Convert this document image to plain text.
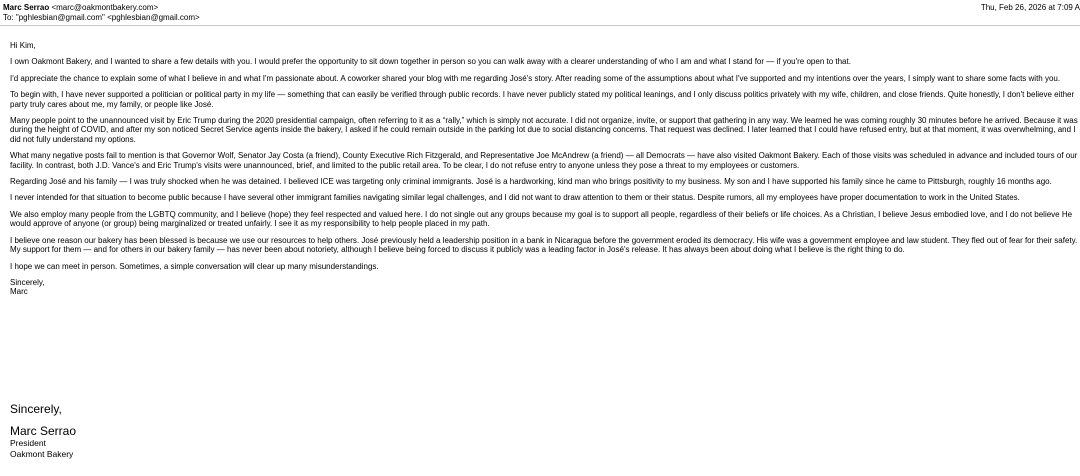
Marc Serrao <marc@oakmontbakery.com>
To: "pghlesbian@gmail.com" <pghlesbian@gmail.com>
Thu, Feb 26, 2026 at 7:09 A

Hi Kim,

I own Oakmont Bakery, and I wanted to share a few details with you. I would prefer the opportunity to sit down together in person so you can walk away with a clearer understanding of who I am and what I stand for — if you're open to that.

I'd appreciate the chance to explain some of what I believe in and what I'm passionate about. A coworker shared your blog with me regarding José's story. After reading some of the assumptions about what I've supported and my intentions over the years, I simply want to share some facts with you.

To begin with, I have never supported a politician or political party in my life — something that can easily be verified through public records. I have never publicly stated my political leanings, and I only discuss politics privately with my wife, children, and close friends. Quite honestly, I don't believe either party truly cares about me, my family, or people like José.

Many people point to the unannounced visit by Eric Trump during the 2020 presidential campaign, often referring to it as a “rally,” which is simply not accurate. I did not organize, invite, or support that gathering in any way. We learned he was coming roughly 30 minutes before he arrived. Because it was during the height of COVID, and after my son noticed Secret Service agents inside the bakery, I asked if he could remain outside in the parking lot due to social distancing concerns. That request was declined. I later learned that I could have refused entry, but at that moment, it was overwhelming, and I did not fully understand my options.

What many negative posts fail to mention is that Governor Wolf, Senator Jay Costa (a friend), County Executive Rich Fitzgerald, and Representative Joe McAndrew (a friend) — all Democrats — have also visited Oakmont Bakery. Each of those visits was scheduled in advance and included tours of our facility. In contrast, both J.D. Vance's and Eric Trump's visits were unannounced, brief, and limited to the public retail area. To be clear, I do not refuse entry to anyone unless they pose a threat to my employees or customers.

Regarding José and his family — I was truly shocked when he was detained. I believed ICE was targeting only criminal immigrants. José is a hardworking, kind man who brings positivity to my business. My son and I have supported his family since he came to Pittsburgh, roughly 16 months ago.

I never intended for that situation to become public because I have several other immigrant families navigating similar legal challenges, and I did not want to draw attention to them or their status. Despite rumors, all my employees have proper documentation to work in the United States.

We also employ many people from the LGBTQ community, and I believe (hope) they feel respected and valued here. I do not single out any groups because my goal is to support all people, regardless of their beliefs or life choices. As a Christian, I believe Jesus embodied love, and I do not believe He would approve of anyone (or group) being marginalized or treated unfairly. I see it as my responsibility to help people placed in my path.

I believe one reason our bakery has been blessed is because we use our resources to help others. José previously held a leadership position in a bank in Nicaragua before the government eroded its democracy. His wife was a government employee and law student. They fled out of fear for their safety. My support for them — and for others in our bakery family — has never been about notoriety, although I believe being forced to discuss it publicly was a leading factor in José's release. It has always been about doing what I believe is the right thing to do.

I hope we can meet in person. Sometimes, a simple conversation will clear up many misunderstandings.

Sincerely,
Marc

Sincerely,
Marc Serrao
President
Oakmont Bakery
